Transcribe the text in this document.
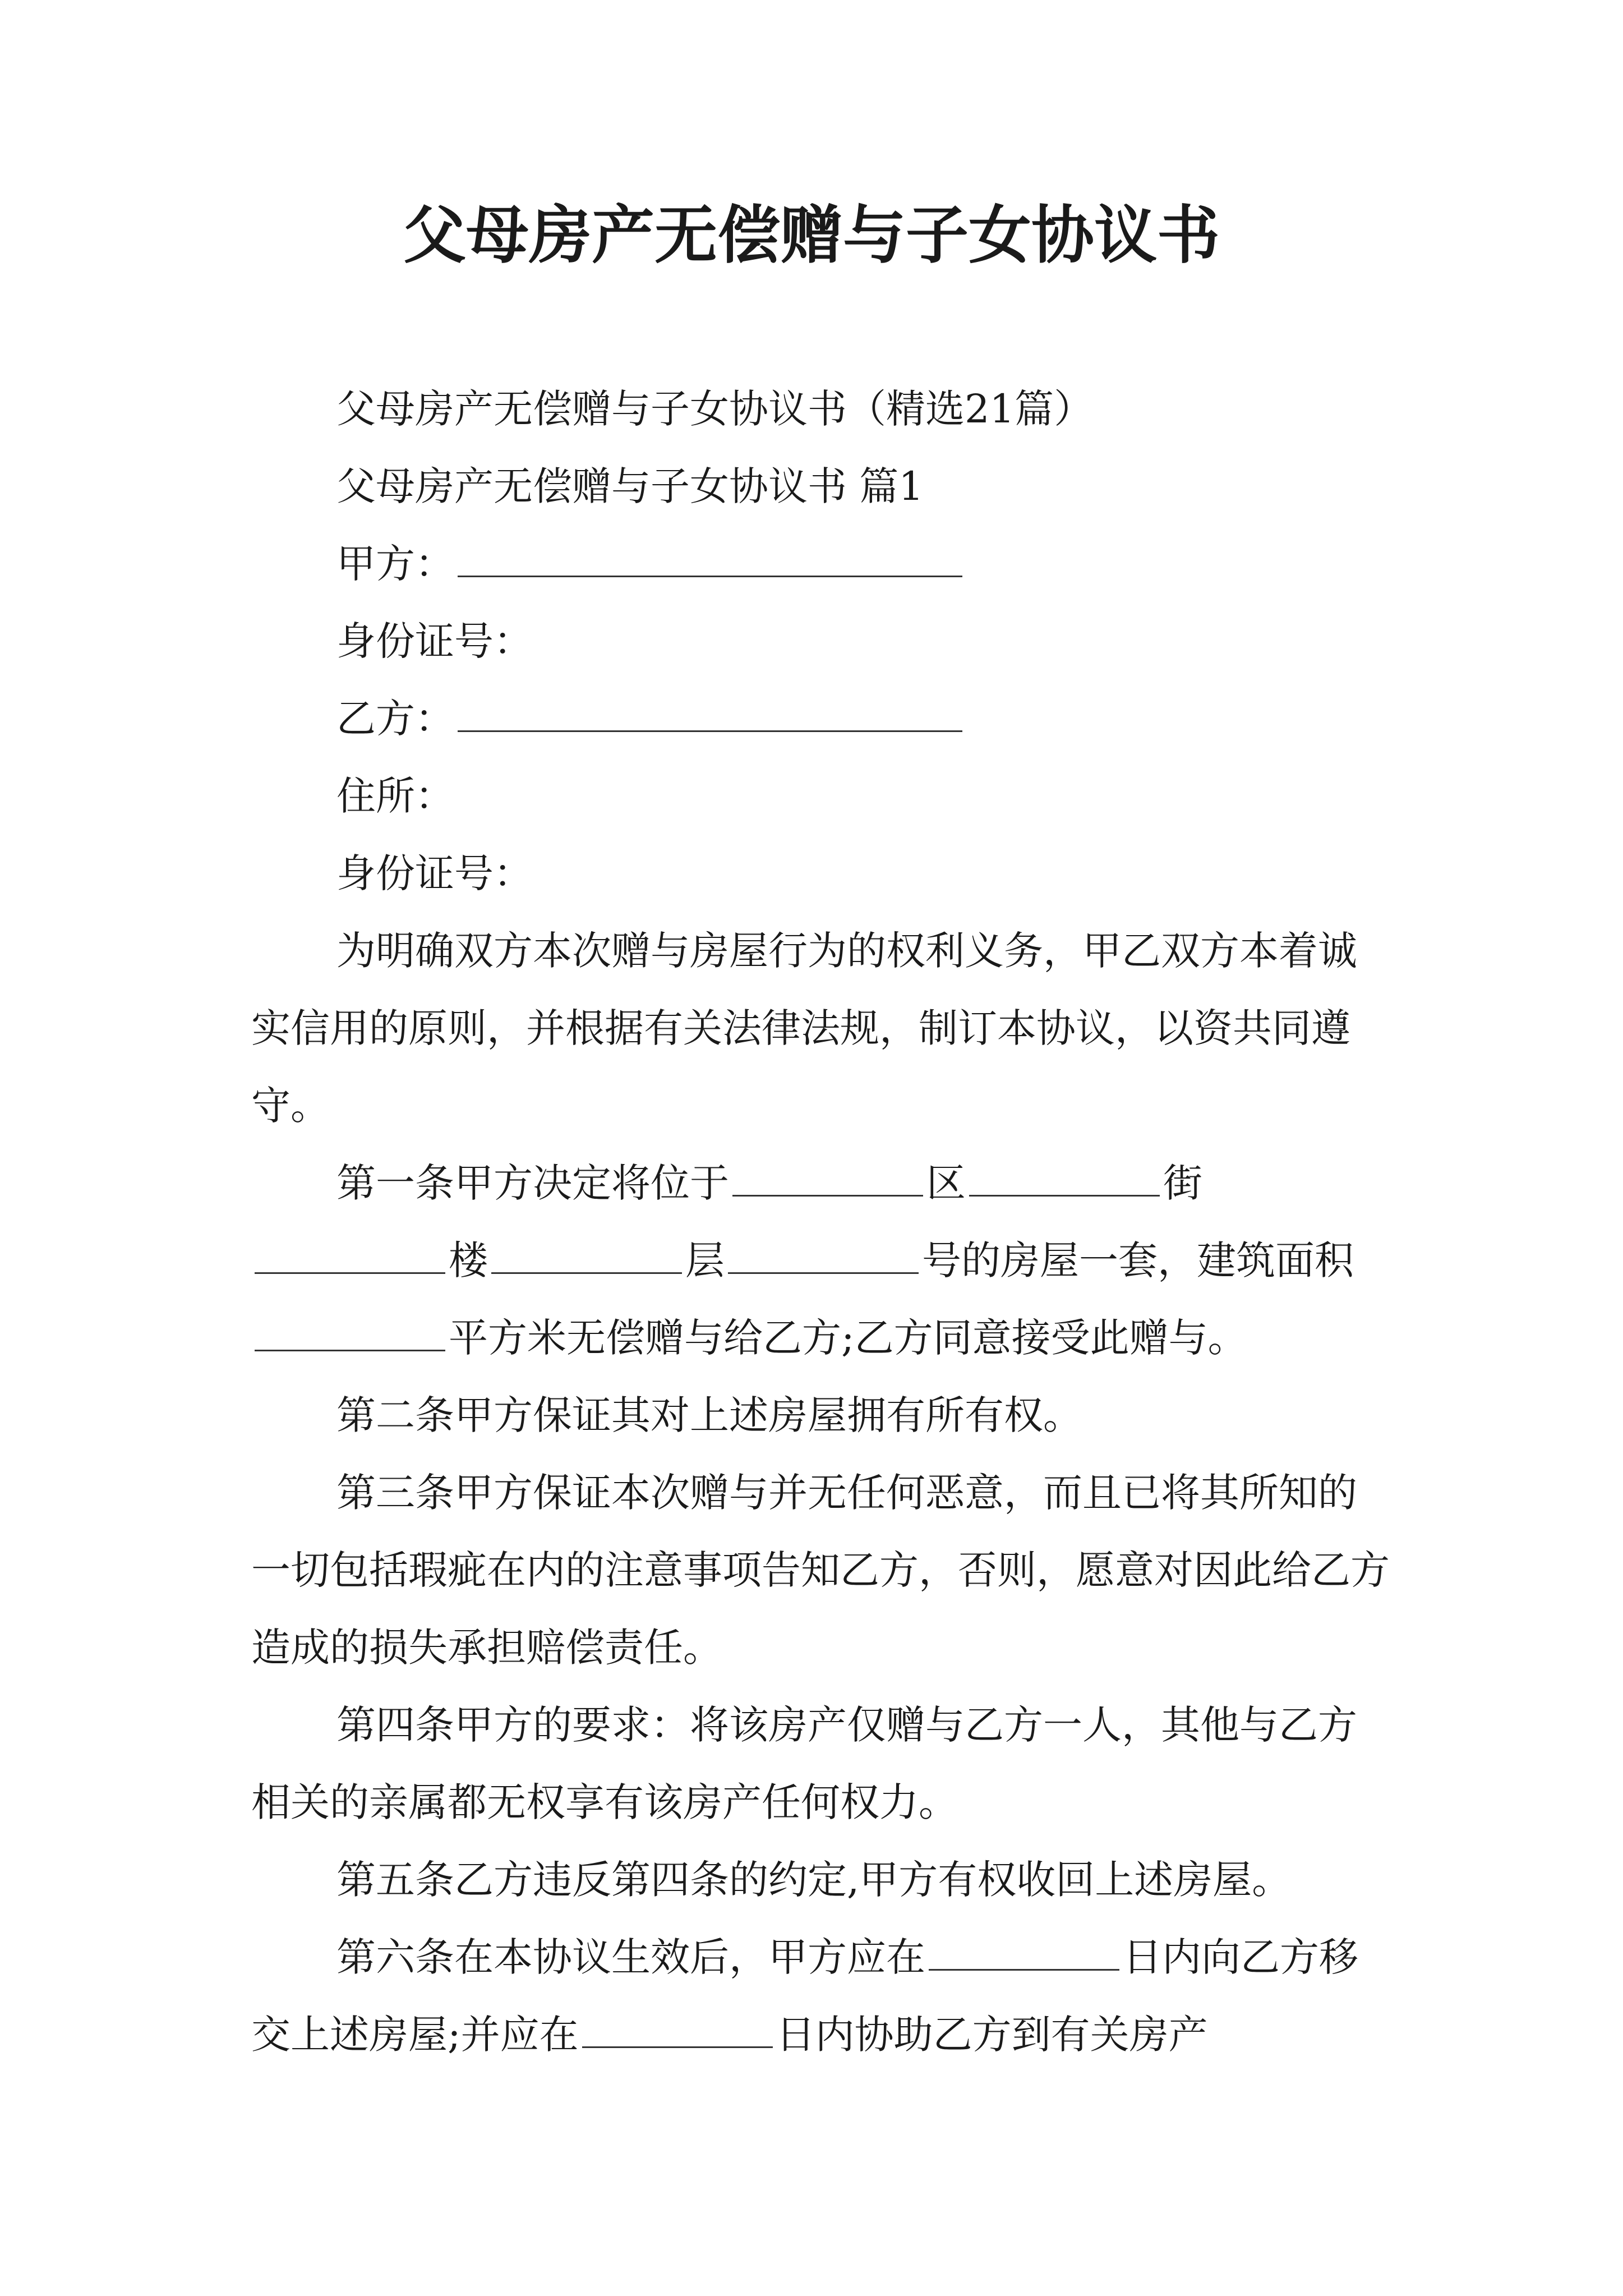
父母房产无偿赠与子女协议书

父母房产无偿赠与子女协议书（精选21篇）

父母房产无偿赠与子女协议书 篇1

甲方：

身份证号：

乙方：

住所：

身份证号：

为明确双方本次赠与房屋行为的权利义务，甲乙双方本着诚实信用的原则，并根据有关法律法规，制订本协议，以资共同遵守。

第一条甲方决定将位于	区	街楼	层	号的房屋一套，建筑面积平方米无偿赠与给乙方;乙方同意接受此赠与。

第二条甲方保证其对上述房屋拥有所有权。

第三条甲方保证本次赠与并无任何恶意，而且已将其所知的一切包括瑕疵在内的注意事项告知乙方，否则，愿意对因此给乙方造成的损失承担赔偿责任。

第四条甲方的要求：将该房产仅赠与乙方一人，其他与乙方相关的亲属都无权享有该房产任何权力。

第五条乙方违反第四条的约定,甲方有权收回上述房屋。

第六条在本协议生效后，甲方应在	日内向乙方移交上述房屋;并应在	日内协助乙方到有关房产
